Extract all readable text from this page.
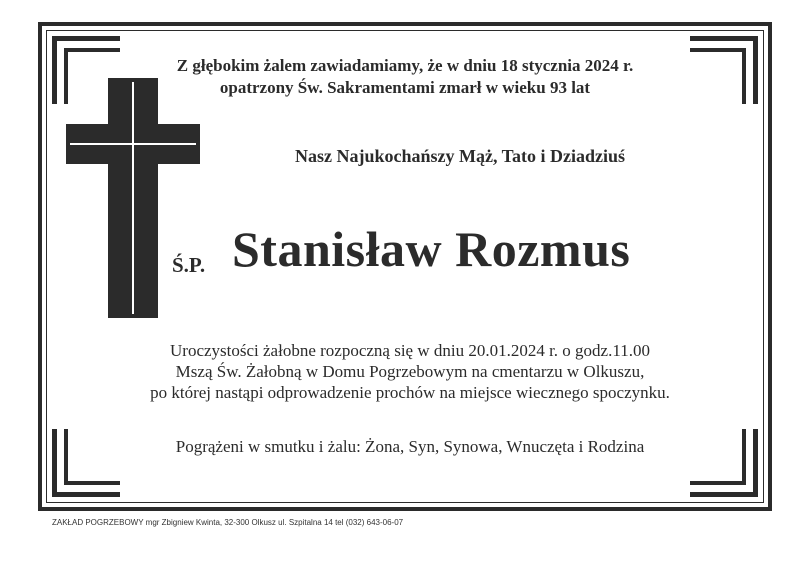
Z głębokim żalem zawiadamiamy, że w dniu 18 stycznia 2024 r.
opatrzony Św. Sakramentami zmarł w wieku 93 lat
Nasz Najukochańszy Mąż, Tato i Dziadziuś
Ś.P. Stanisław Rozmus
Uroczystości żałobne rozpoczną się w dniu 20.01.2024 r. o godz.11.00
Mszą Św. Żałobną w Domu Pogrzebowym na cmentarzu w Olkuszu,
po której nastąpi odprowadzenie prochów na miejsce wiecznego spoczynku.
Pogrążeni w smutku i żalu: Żona, Syn, Synowa, Wnuczęta i Rodzina
ZAKŁAD POGRZEBOWY mgr Zbigniew Kwinta, 32-300 Olkusz ul. Szpitalna 14 tel (032) 643-06-07
